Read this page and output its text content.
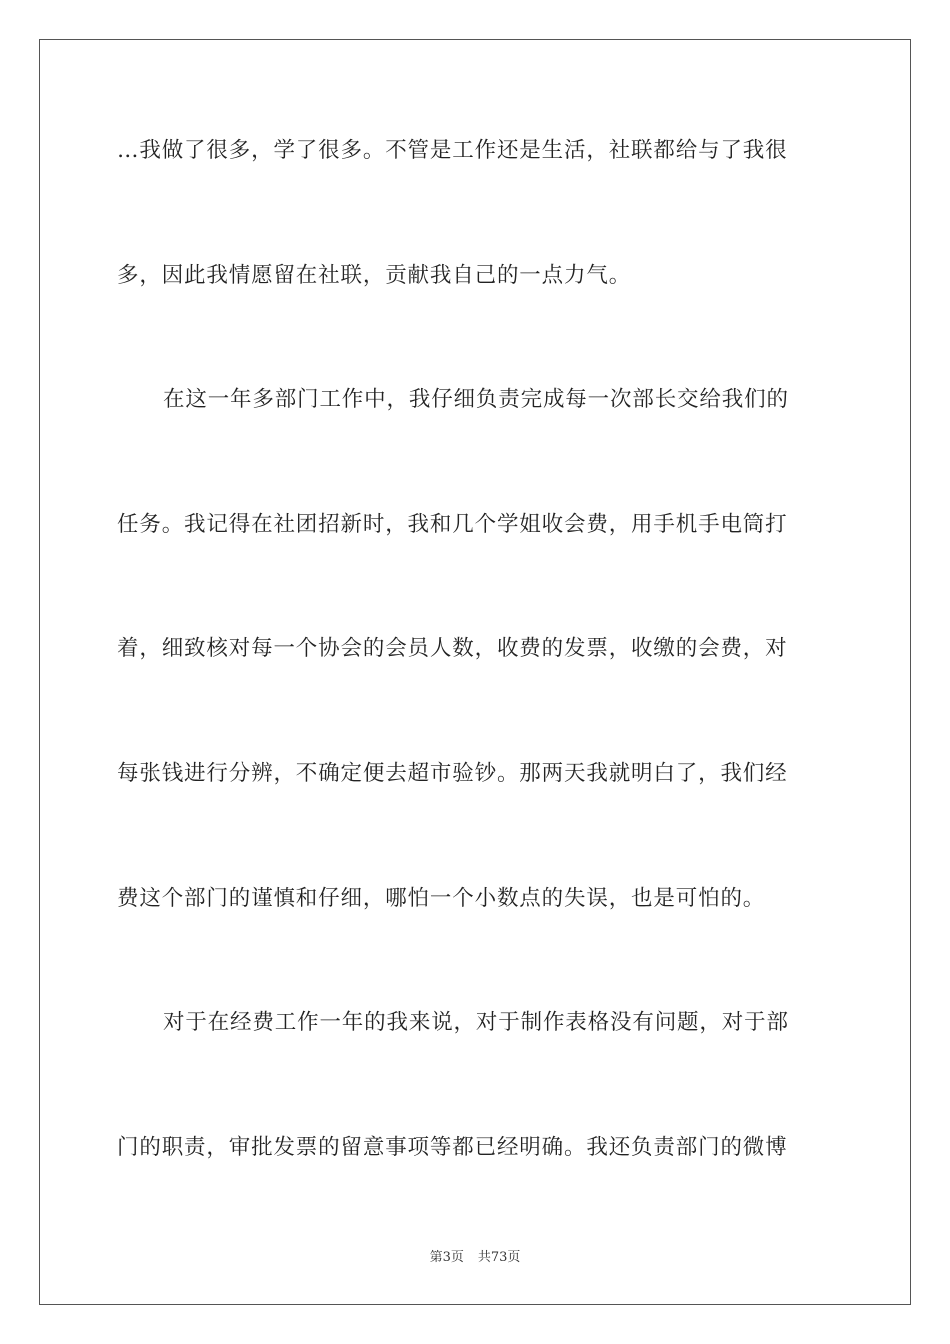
…我做了很多，学了很多。不管是工作还是生活，社联都给与了我很
多，因此我情愿留在社联，贡献我自己的一点力气。
在这一年多部门工作中，我仔细负责完成每一次部长交给我们的
任务。我记得在社团招新时，我和几个学姐收会费，用手机手电筒打
着，细致核对每一个协会的会员人数，收费的发票，收缴的会费，对
每张钱进行分辨，不确定便去超市验钞。那两天我就明白了，我们经
费这个部门的谨慎和仔细，哪怕一个小数点的失误，也是可怕的。
对于在经费工作一年的我来说，对于制作表格没有问题，对于部
门的职责，审批发票的留意事项等都已经明确。我还负责部门的微博
第3页 共73页
